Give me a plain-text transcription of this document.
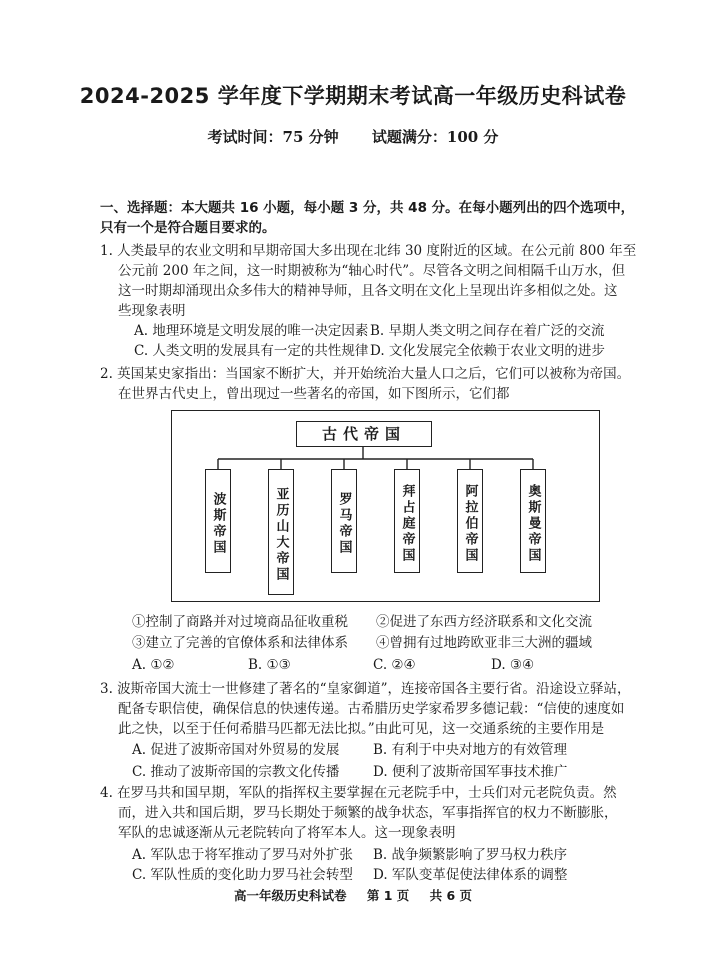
2024-2025 学年度下学期期末考试高一年级历史科试卷
考试时间：75 分钟 试题满分：100 分
一、选择题：本大题共 16 小题，每小题 3 分，共 48 分。在每小题列出的四个选项中，
只有一个是符合题目要求的。
1. 人类最早的农业文明和早期帝国大多出现在北纬 30 度附近的区域。在公元前 800 年至
公元前 200 年之间，这一时期被称为“轴心时代”。尽管各文明之间相隔千山万水，但
这一时期却涌现出众多伟大的精神导师，且各文明在文化上呈现出许多相似之处。这
些现象表明
A. 地理环境是文明发展的唯一决定因素 B. 早期人类文明之间存在着广泛的交流
C. 人类文明的发展具有一定的共性规律 D. 文化发展完全依赖于农业文明的进步
2. 英国某史家指出：当国家不断扩大，并开始统治大量人口之后，它们可以被称为帝国。
在世界古代史上，曾出现过一些著名的帝国，如下图所示，它们都
古代帝国
波斯帝国	亚历山大帝国	罗马帝国	拜占庭帝国	阿拉伯帝国	奥斯曼帝国
①控制了商路并对过境商品征收重税 ②促进了东西方经济联系和文化交流
③建立了完善的官僚体系和法律体系 ④曾拥有过地跨欧亚非三大洲的疆域
A. ①②	B. ①③	C. ②④	D. ③④
3. 波斯帝国大流士一世修建了著名的“皇家御道”，连接帝国各主要行省。沿途设立驿站，
配备专职信使，确保信息的快速传递。古希腊历史学家希罗多德记载：“信使的速度如
此之快，以至于任何希腊马匹都无法比拟。”由此可见，这一交通系统的主要作用是
A. 促进了波斯帝国对外贸易的发展 B. 有利于中央对地方的有效管理
C. 推动了波斯帝国的宗教文化传播 D. 便利了波斯帝国军事技术推广
4. 在罗马共和国早期，军队的指挥权主要掌握在元老院手中，士兵们对元老院负责。然
而，进入共和国后期，罗马长期处于频繁的战争状态，军事指挥官的权力不断膨胀，
军队的忠诚逐渐从元老院转向了将军本人。这一现象表明
A. 军队忠于将军推动了罗马对外扩张 B. 战争频繁影响了罗马权力秩序
C. 军队性质的变化助力罗马社会转型 D. 军队变革促使法律体系的调整
高一年级历史科试卷 第 1 页 共 6 页
